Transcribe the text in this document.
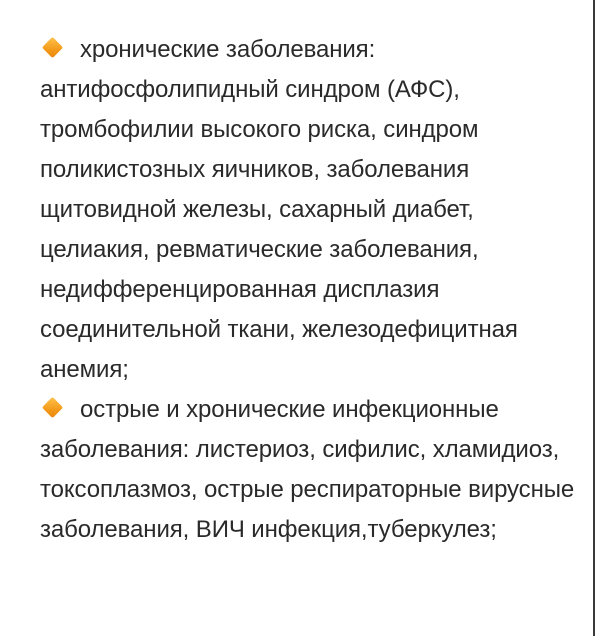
хронические заболевания: антифосфолипидный синдром (АФС), тромбофилии высокого риска, синдром поликистозных яичников, заболевания щитовидной железы, сахарный диабет, целиакия, ревматические заболевания, недифференцированная дисплазия соединительной ткани, железодефицитная анемия;

острые и хронические инфекционные заболевания: листериоз, сифилис, хламидиоз, токсоплазмоз, острые респираторные вирусные заболевания, ВИЧ инфекция,туберкулез;
